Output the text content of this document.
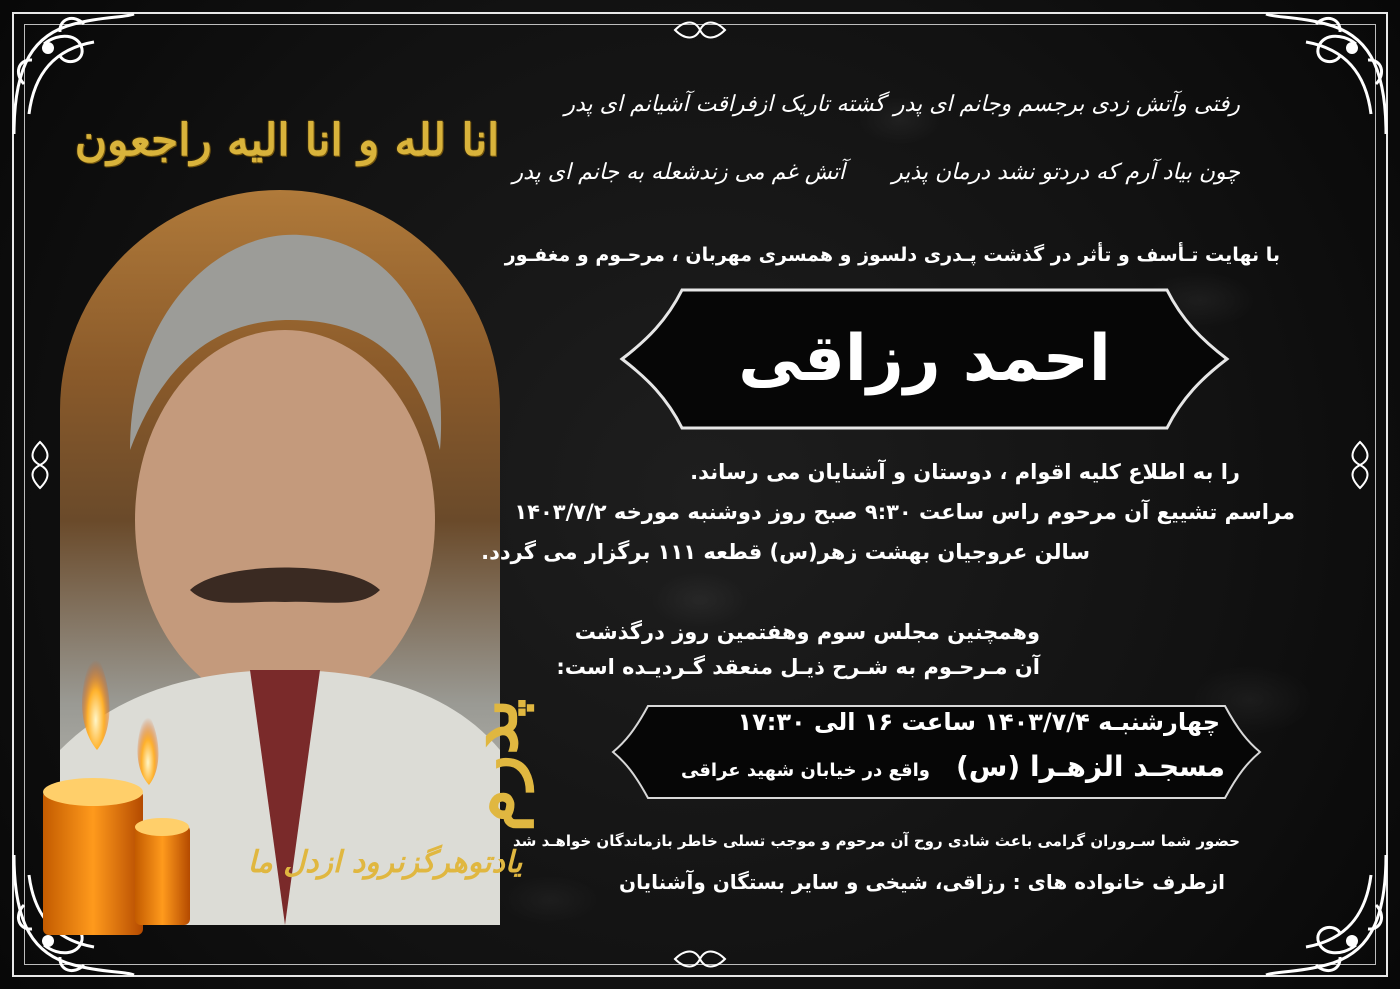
انا لله و انا الیه راجعون
رفتی وآتش زدی برجسم وجانم ای پدر
گشته تاریک ازفراقت آشیانم ای پدر
چون بیاد آرم که دردتو نشد درمان پذیر
آتش غم می زندشعله به جانم ای پدر
با نهایت تـأسف و تأثر در گذشت پـدری دلسوز و همسری مهربان ، مرحـوم و مغفـور
احمد رزاقی
را به اطلاع کلیه اقوام ، دوستان و آشنایان می رساند.
مراسم تشییع آن مرحوم راس ساعت ۹:۳۰ صبح روز دوشنبه مورخه ۱۴۰۳/۷/۲
سالن عروجیان بهشت زهر(س) قطعه ۱۱۱ برگزار می گردد.
وهمچنین مجلس سوم وهفتمین روز درگذشت
آن مـرحـوم به شـرح ذیـل منعقد گـردیـده است:
چهارشنبـه ۱۴۰۳/۷/۴ ساعت ۱۶ الی ۱۷:۳۰
مسجـد الزهـرا (س)
واقع در خیابان شهید عراقی
حضور شما سـروران گرامی باعث شادی روح آن مرحوم و موجب تسلی خاطر بازماندگان خواهـد شد
ازطرف خانواده های : رزاقی، شیخی و سایر بستگان وآشنایان
پدرم
یادتوهرگزنرود ازدل ما
